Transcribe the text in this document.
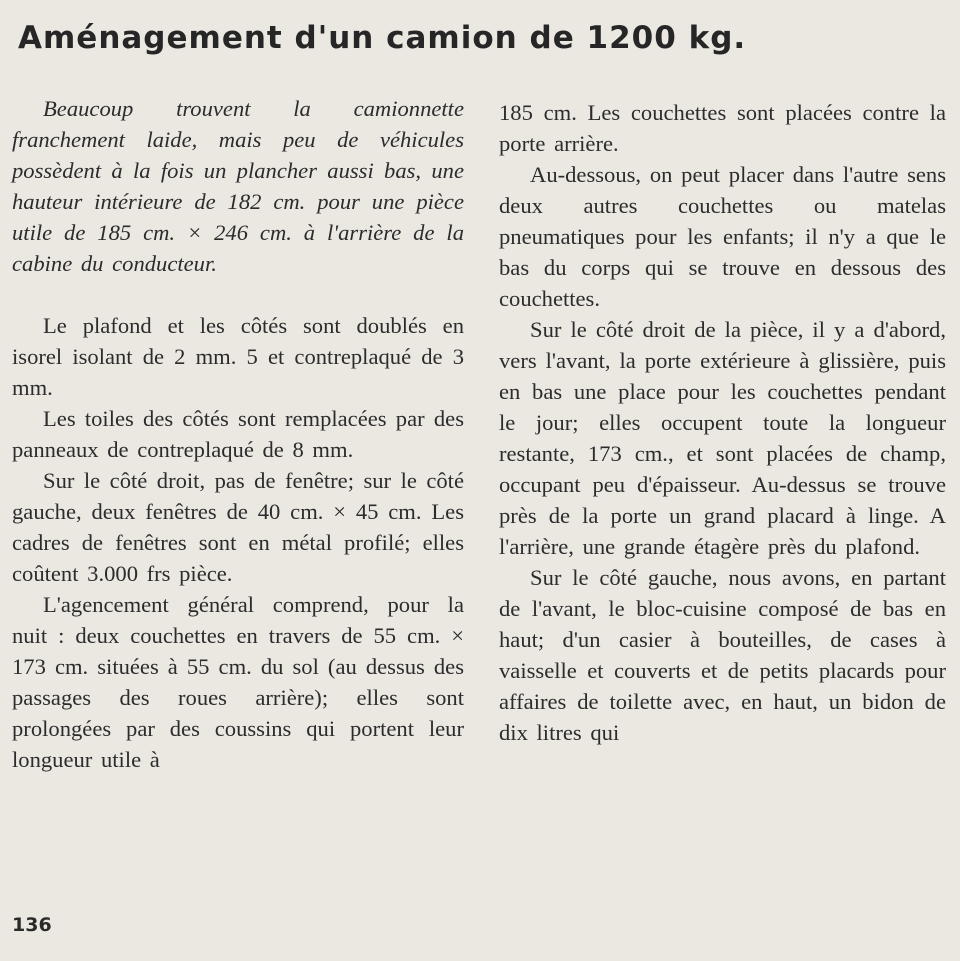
Aménagement d'un camion de 1200 kg.

Beaucoup trouvent la camionnette franchement laide, mais peu de véhicules possèdent à la fois un plancher aussi bas, une hauteur intérieure de 182 cm. pour une pièce utile de 185 cm. × 246 cm. à l'arrière de la cabine du conducteur.

Le plafond et les côtés sont doublés en isorel isolant de 2 mm. 5 et contreplaqué de 3 mm.

Les toiles des côtés sont remplacées par des panneaux de contreplaqué de 8 mm.

Sur le côté droit, pas de fenêtre; sur le côté gauche, deux fenêtres de 40 cm. × 45 cm. Les cadres de fenêtres sont en métal profilé; elles coûtent 3.000 frs pièce.

L'agencement général comprend, pour la nuit : deux couchettes en travers de 55 cm. × 173 cm. situées à 55 cm. du sol (au dessus des passages des roues arrière); elles sont prolongées par des coussins qui portent leur longueur utile à

185 cm. Les couchettes sont placées contre la porte arrière.

Au-dessous, on peut placer dans l'autre sens deux autres couchettes ou matelas pneumatiques pour les enfants; il n'y a que le bas du corps qui se trouve en dessous des couchettes.

Sur le côté droit de la pièce, il y a d'abord, vers l'avant, la porte extérieure à glissière, puis en bas une place pour les couchettes pendant le jour; elles occupent toute la longueur restante, 173 cm., et sont placées de champ, occupant peu d'épaisseur. Au-dessus se trouve près de la porte un grand placard à linge. A l'arrière, une grande étagère près du plafond.

Sur le côté gauche, nous avons, en partant de l'avant, le bloc-cuisine composé de bas en haut; d'un casier à bouteilles, de cases à vaisselle et couverts et de petits placards pour affaires de toilette avec, en haut, un bidon de dix litres qui

136
